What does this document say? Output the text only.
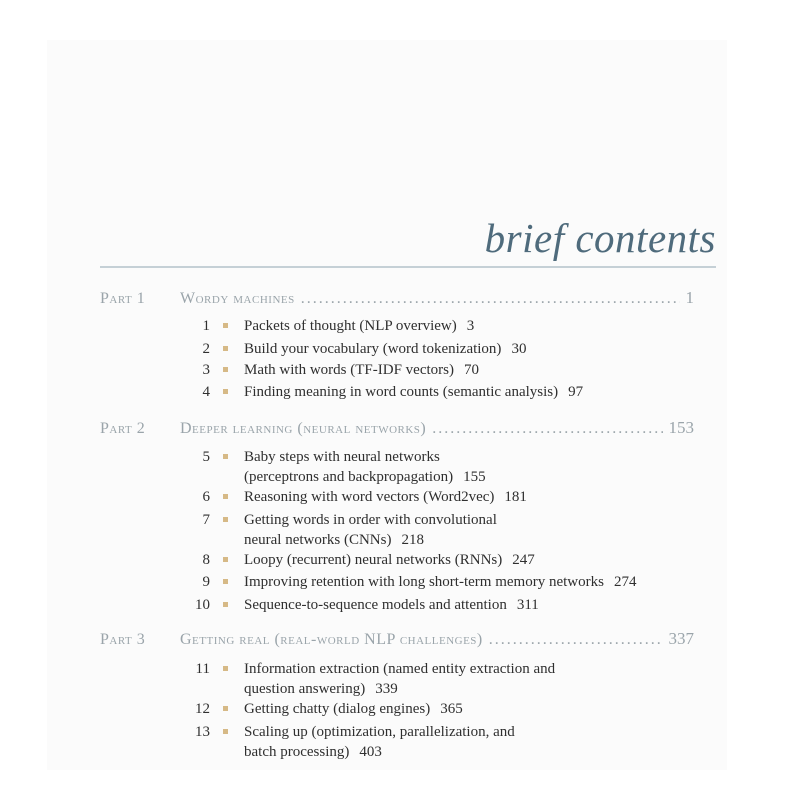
brief contents
Part 1	Wordy machines .....	1
1 Packets of thought (NLP overview) 3
2 Build your vocabulary (word tokenization) 30
3 Math with words (TF-IDF vectors) 70
4 Finding meaning in word counts (semantic analysis) 97
Part 2	Deeper learning (neural networks) .....	153
5 Baby steps with neural networks
(perceptrons and backpropagation) 155
6 Reasoning with word vectors (Word2vec) 181
7 Getting words in order with convolutional
neural networks (CNNs) 218
8 Loopy (recurrent) neural networks (RNNs) 247
9 Improving retention with long short-term memory networks 274
10 Sequence-to-sequence models and attention 311
Part 3	Getting real (real-world NLP challenges) .....	337
11 Information extraction (named entity extraction and
question answering) 339
12 Getting chatty (dialog engines) 365
13 Scaling up (optimization, parallelization, and
batch processing) 403
